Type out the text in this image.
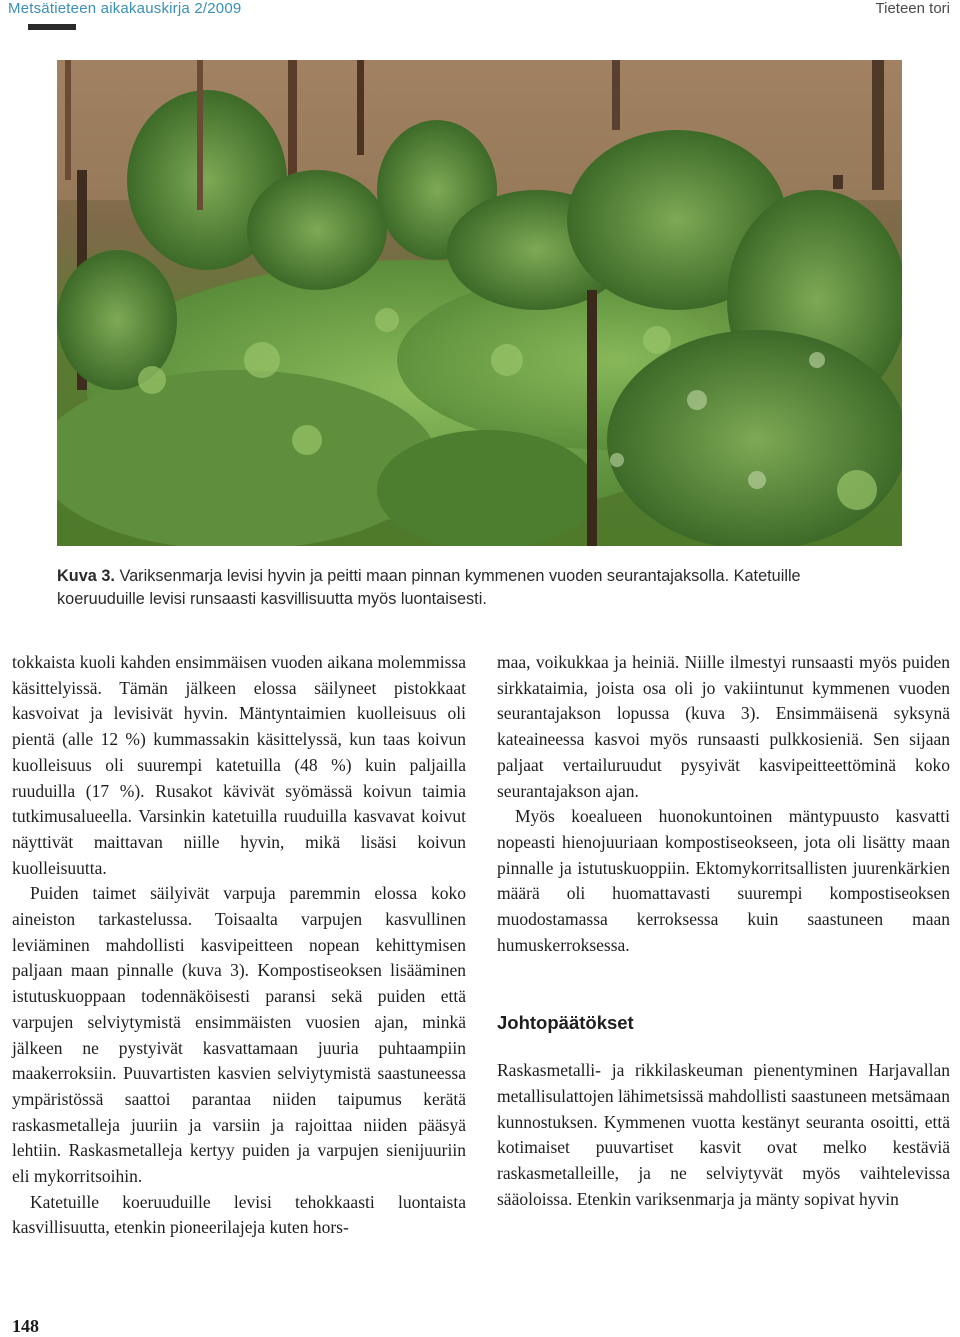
Metsätieteen aikakauskirja 2/2009	Tieteen tori

Kuva 3. Variksenmarja levisi hyvin ja peitti maan pinnan kymmenen vuoden seurantajaksolla. Katetuille
koeruuduille levisi runsaasti kasvillisuutta myös luontaisesti.

tokkaista kuoli kahden ensimmäisen vuoden aikana molemmissa käsittelyissä. Tämän jälkeen elossa säilyneet pistokkaat kasvoivat ja levisivät hyvin. Mäntyntaimien kuolleisuus oli pientä (alle 12 %) kummassakin käsittelyssä, kun taas koivun kuolleisuus oli suurempi katetuilla (48 %) kuin paljailla ruuduilla (17 %). Rusakot kävivät syömässä koivun taimia tutkimusalueella. Varsinkin katetuilla ruuduilla kasvavat koivut näyttivät maittavan niille hyvin, mikä lisäsi koivun kuolleisuutta.

Puiden taimet säilyivät varpuja paremmin elossa koko aineiston tarkastelussa. Toisaalta varpujen kasvullinen leviäminen mahdollisti kasvipeitteen nopean kehittymisen paljaan maan pinnalle (kuva 3). Kompostiseoksen lisääminen istutuskuoppaan todennäköisesti paransi sekä puiden että varpujen selviytymistä ensimmäisten vuosien ajan, minkä jälkeen ne pystyivät kasvattamaan juuria puhtaampiin maakerroksiin. Puuvartisten kasvien selviytymistä saastuneessa ympäristössä saattoi parantaa niiden taipumus kerätä raskasmetalleja juuriin ja varsiin ja rajoittaa niiden pääsyä lehtiin. Raskasmetalleja kertyy puiden ja varpujen sienijuuriin eli mykorritsoihin.

Katetuille koeruuduille levisi tehokkaasti luontaista kasvillisuutta, etenkin pioneerilajeja kuten hors-

maa, voikukkaa ja heiniä. Niille ilmestyi runsaasti myös puiden sirkkataimia, joista osa oli jo vakiintunut kymmenen vuoden seurantajakson lopussa (kuva 3). Ensimmäisenä syksynä kateaineessa kasvoi myös runsaasti pulkkosieniä. Sen sijaan paljaat vertailuruudut pysyivät kasvipeitteettöminä koko seurantajakson ajan.

Myös koealueen huonokuntoinen mäntypuusto kasvatti nopeasti hienojuuriaan kompostiseokseen, jota oli lisätty maan pinnalle ja istutuskuoppiin. Ektomykorritsallisten juurenkärkien määrä oli huomattavasti suurempi kompostiseoksen muodostamassa kerroksessa kuin saastuneen maan humuskerroksessa.

Johtopäätökset

Raskasmetalli- ja rikkilaskeuman pienentyminen Harjavallan metallisulattojen lähimetsissä mahdollisti saastuneen metsämaan kunnostuksen. Kymmenen vuotta kestänyt seuranta osoitti, että kotimaiset puuvartiset kasvit ovat melko kestäviä raskasmetalleille, ja ne selviytyvät myös vaihtelevissa sääoloissa. Etenkin variksenmarja ja mänty sopivat hyvin

148
